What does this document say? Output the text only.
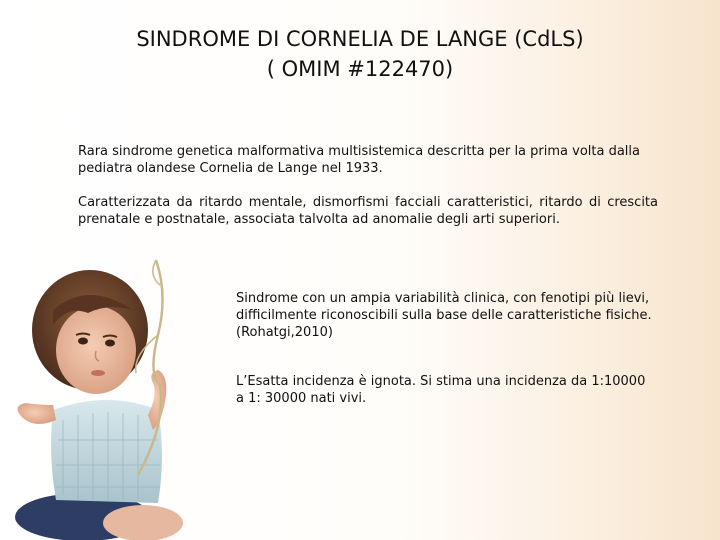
SINDROME DI CORNELIA DE LANGE (CdLS)
( OMIM #122470)
Rara sindrome genetica malformativa multisistemica descritta per la prima volta dalla pediatra olandese Cornelia de Lange nel 1933.
Caratterizzata da ritardo mentale, dismorfismi facciali caratteristici, ritardo di crescita prenatale e postnatale, associata talvolta ad anomalie degli arti superiori.
Sindrome con un ampia variabilità clinica, con fenotipi più lievi, difficilmente riconoscibili sulla base delle caratteristiche fisiche. (Rohatgi,2010)
L’Esatta incidenza è ignota. Si stima una incidenza da 1:10000 a 1: 30000 nati vivi.
